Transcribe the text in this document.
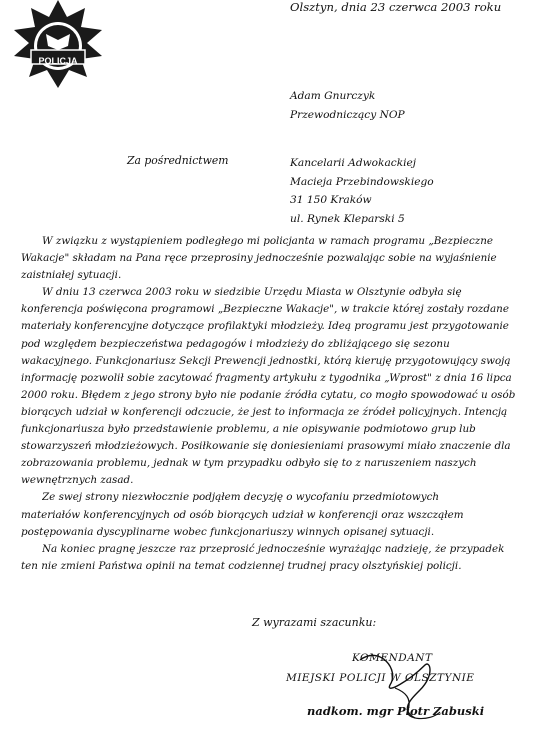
POLICJA
Olsztyn, dnia 23 czerwca 2003 roku
Adam Gnurczyk
Przewodniczący NOP
Za pośrednictwem	Kancelarii Adwokackiej
Macieja Przebindowskiego
31 150 Kraków
ul. Rynek Kleparski 5
W związku z wystąpieniem podległego mi policjanta w ramach programu „Bezpieczne
Wakacje" składam na Pana ręce przeprosiny jednocześnie pozwalając sobie na wyjaśnienie
zaistniałej sytuacji.
W dniu 13 czerwca 2003 roku w siedzibie Urzędu Miasta w Olsztynie odbyła się
konferencja poświęcona programowi „Bezpieczne Wakacje", w trakcie której zostały rozdane
materiały konferencyjne dotyczące profilaktyki młodzieży. Ideą programu jest przygotowanie
pod względem bezpieczeństwa pedagogów i młodzieży do zbliżającego się sezonu
wakacyjnego. Funkcjonariusz Sekcji Prewencji jednostki, którą kieruję przygotowujący swoją
informację pozwolił sobie zacytować fragmenty artykułu z tygodnika „Wprost" z dnia 16 lipca
2000 roku. Błędem z jego strony było nie podanie źródła cytatu, co mogło spowodować u osób
biorących udział w konferencji odczucie, że jest to informacja ze źródeł policyjnych. Intencją
funkcjonariusza było przedstawienie problemu, a nie opisywanie podmiotowo grup lub
stowarzyszeń młodzieżowych. Posiłkowanie się doniesieniami prasowymi miało znaczenie dla
zobrazowania problemu, jednak w tym przypadku odbyło się to z naruszeniem naszych
wewnętrznych zasad.
Ze swej strony niezwłocznie podjąłem decyzję o wycofaniu przedmiotowych
materiałów konferencyjnych od osób biorących udział w konferencji oraz wszcząłem
postępowania dyscyplinarne wobec funkcjonariuszy winnych opisanej sytuacji.
Na koniec pragnę jeszcze raz przeprosić jednocześnie wyrażając nadzieję, że przypadek
ten nie zmieni Państwa opinii na temat codziennej trudnej pracy olsztyńskiej policji.
Z wyrazami szacunku:
KOMENDANT
MIEJSKI POLICJI W OLSZTYNIE
nadkom. mgr Piotr Zabuski
